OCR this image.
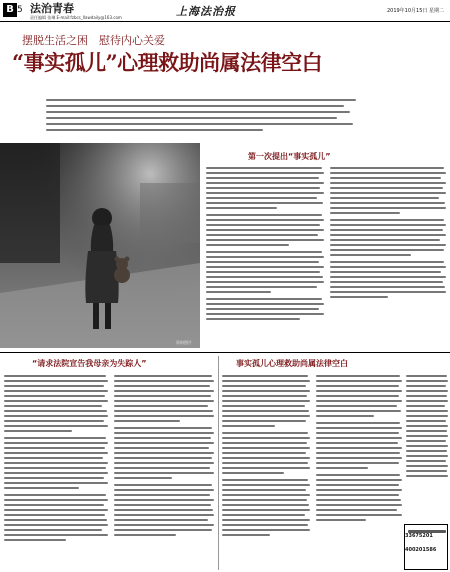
B 5 法治青春
责任编辑 张琳 E-mail:fzbcs_Ilawdaily@163.com	上海法治报	2019年10月15日 星期二
摆脱生活之困　慰待内心关爱
“事实孤儿”心理救助尚属法律空白
资料图片
第一次提出“事实孤儿”
“请求法院宣告我母亲为失踪人”	事实孤儿心理救助尚属法律空白
33675201
400201586
